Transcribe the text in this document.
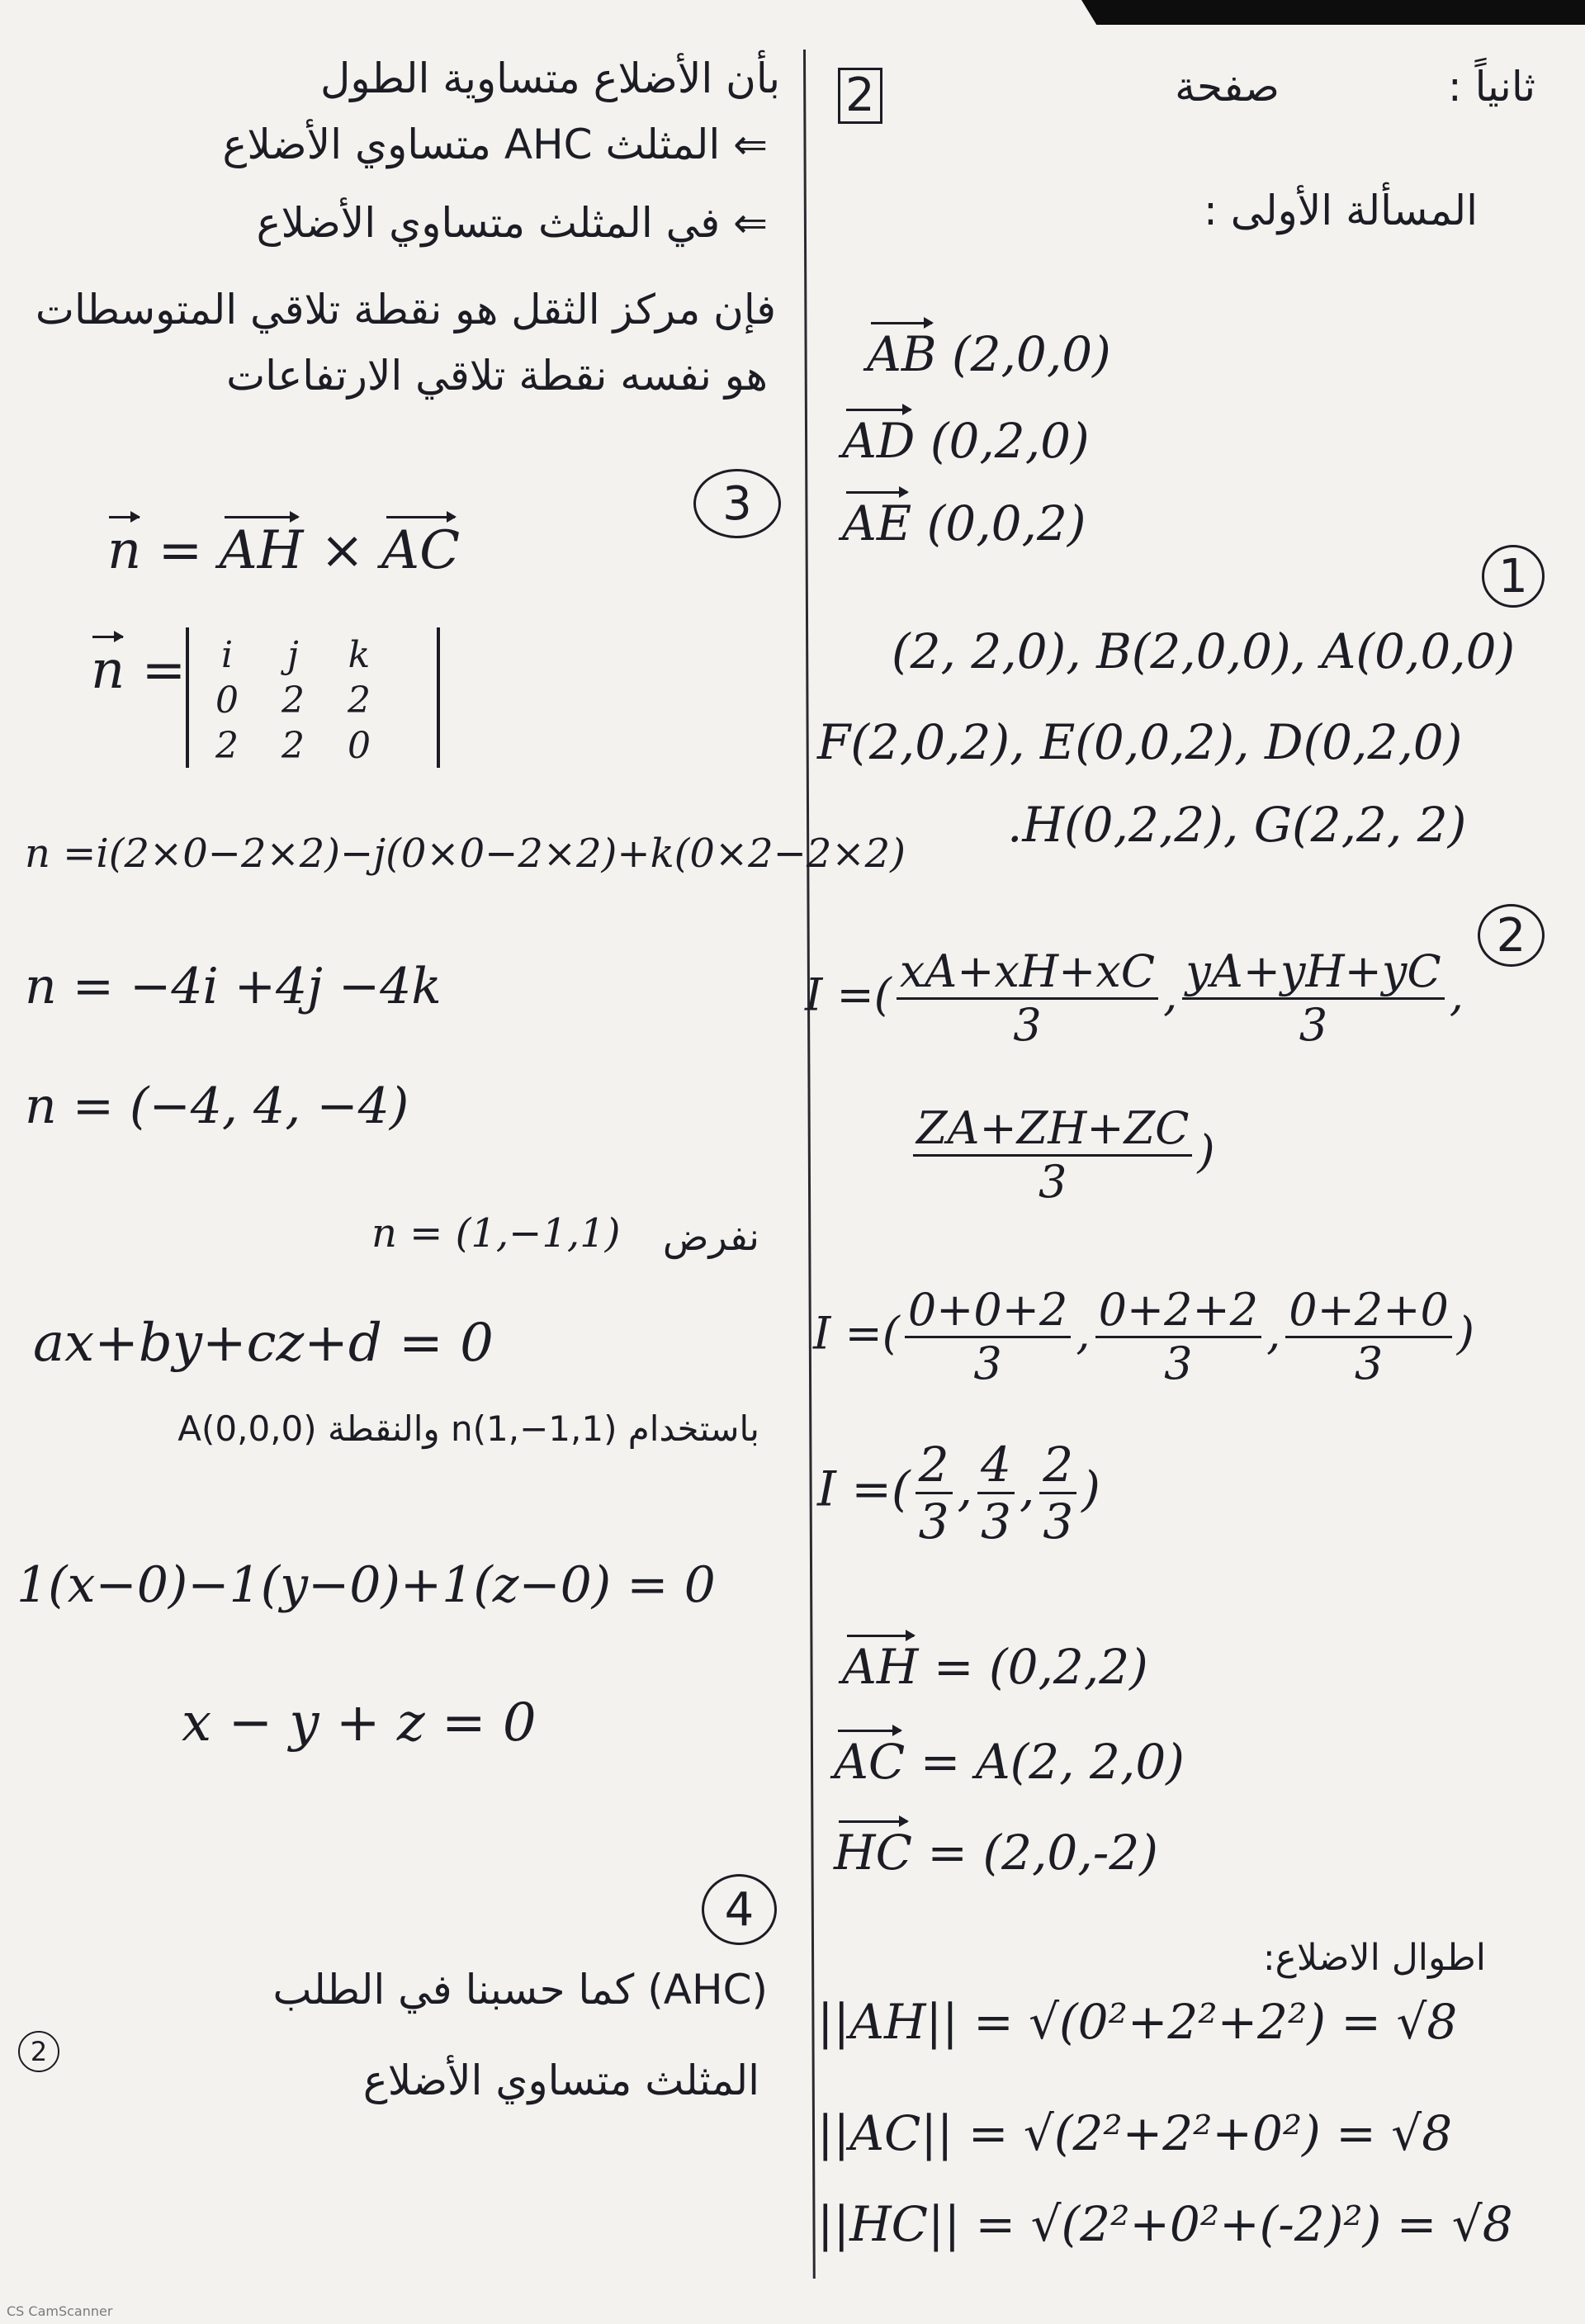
ثانياً :
صفحة
2
المسألة الأولى :
AB (2,0,0)
AD (0,2,0)
AE (0,0,2)
1
(2, 2,0), B(2,0,0), A(0,0,0)
F(2,0,2), E(0,0,2), D(0,2,0)
.H(0,2,2), G(2,2, 2)
2
I =( $\frac{xA+xH+xC}{3}$ , $\frac{yA+yH+yC}{3}$ ,
$\frac{ZA+ZH+ZC}{3}$ )
I =( $\frac{0+0+2}{3}$ , $\frac{0+2+2}{3}$ , $\frac{0+2+0}{3}$ )
I =( $\frac{2}{3}$ , $\frac{4}{3}$ , $\frac{2}{3}$ )
AH = (0,2,2)
AC = A(2, 2,0)
HC = (2,0,-2)
اطوال الاضلاع:
||AH|| = √(0²+2²+2²) = √8
||AC|| = √(2²+2²+0²) = √8
||HC|| = √(2²+0²+(-2)²) = √8
بأن الأضلاع متساوية الطول
⇐ المثلث AHC متساوي الأضلاع
⇐ في المثلث متساوي الأضلاع
فإن مركز الثقل هو نقطة تلاقي المتوسطات
هو نفسه نقطة تلاقي الارتفاعات
3
n = AH × AC
n = i	j	k
0	2	2
2	2	0
n =i(2×0−2×2)−j(0×0−2×2)+k(0×2−2×2)
n = −4i +4j −4k
n = (−4, 4, −4)
n = (1,−1,1) نفرض
ax+by+cz+d = 0
باستخدام n(1,−1,1) والنقطة A(0,0,0)
1(x−0)−1(y−0)+1(z−0) = 0
x − y + z = 0
4
(AHC) كما حسبنا في الطلب
2
المثلث متساوي الأضلاع
CS CamScanner
